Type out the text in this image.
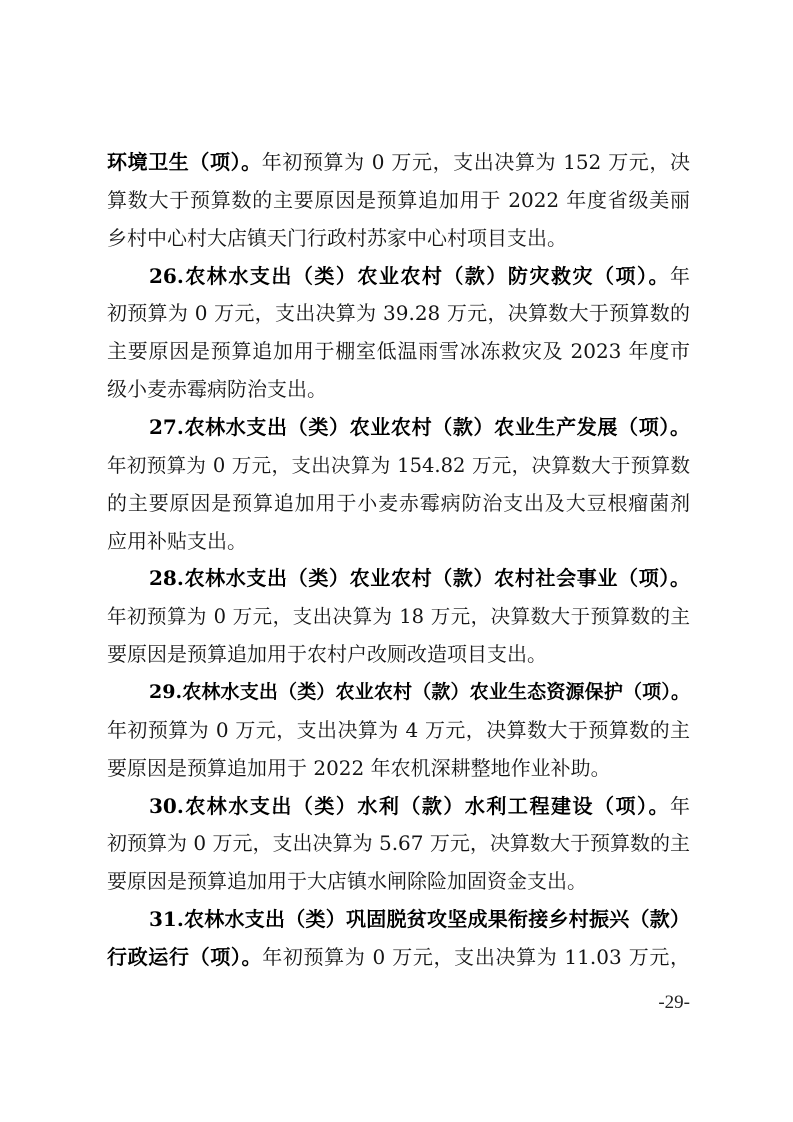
环境卫生（项）。年初预算为 0 万元，支出决算为 152 万元，决
算数大于预算数的主要原因是预算追加用于 2022 年度省级美丽
乡村中心村大店镇天门行政村苏家中心村项目支出。
26.农林水支出（类）农业农村（款）防灾救灾（项）。年
初预算为 0 万元，支出决算为 39.28 万元，决算数大于预算数的
主要原因是预算追加用于棚室低温雨雪冰冻救灾及 2023 年度市
级小麦赤霉病防治支出。
27.农林水支出（类）农业农村（款）农业生产发展（项）。
年初预算为 0 万元，支出决算为 154.82 万元，决算数大于预算数
的主要原因是预算追加用于小麦赤霉病防治支出及大豆根瘤菌剂
应用补贴支出。
28.农林水支出（类）农业农村（款）农村社会事业（项）。
年初预算为 0 万元，支出决算为 18 万元，决算数大于预算数的主
要原因是预算追加用于农村户改厕改造项目支出。
29.农林水支出（类）农业农村（款）农业生态资源保护（项）。
年初预算为 0 万元，支出决算为 4 万元，决算数大于预算数的主
要原因是预算追加用于 2022 年农机深耕整地作业补助。
30.农林水支出（类）水利（款）水利工程建设（项）。年
初预算为 0 万元，支出决算为 5.67 万元，决算数大于预算数的主
要原因是预算追加用于大店镇水闸除险加固资金支出。
31.农林水支出（类）巩固脱贫攻坚成果衔接乡村振兴（款）
行政运行（项）。年初预算为 0 万元，支出决算为 11.03 万元，
-29-
